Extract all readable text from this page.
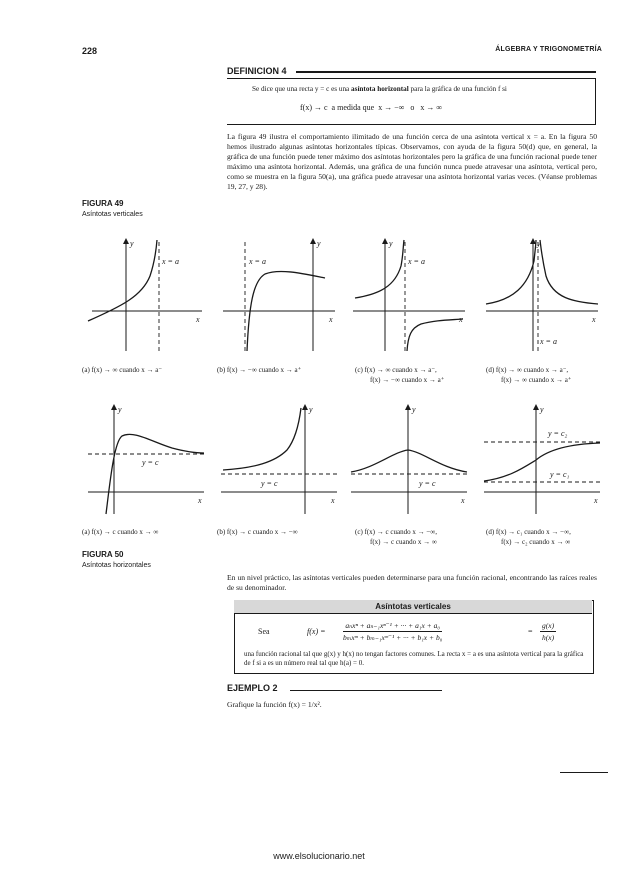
228	ÁLGEBRA Y TRIGONOMETRÍA
DEFINICION 4
Se dice que una recta y = c es una asíntota horizontal para la gráfica de una función f si
f(x) → c  a medida que  x → −∞   o   x → ∞
La figura 49 ilustra el comportamiento ilimitado de una función cerca de una asíntota vertical x = a. En la figura 50 hemos ilustrado algunas asíntotas horizontales típicas. Observamos, con ayuda de la figura 50(d) que, en general, la gráfica de una función puede tener máximo dos asíntotas horizontales pero la gráfica de una función racional puede tener máximo una asíntota horizontal. Además, una gráfica de una función nunca puede atravesar una asíntota, vertical pero, como se muestra en la figura 50(a), una gráfica puede atravesar una asíntota horizontal varias veces. (Véanse problemas 19, 27, y 28).
FIGURA 49
Asíntotas verticales
y
x
x = a
y
x
x = a
y
x
x = a
y
x
x = a
(a) f(x) → ∞ cuando x → a⁻	(b) f(x) → −∞ cuando x → a⁺	(c) f(x) → ∞ cuando x → a⁻,
f(x) → −∞ cuando x → a⁺
(d) f(x) → ∞ cuando x → a⁻,
f(x) → ∞ cuando x → a⁺
y
x
y = c
y
x
y = c
y
x
y = c
y
x
y = c₂
y = c₁
(a) f(x) → c cuando x → ∞	(b) f(x) → c cuando x → −∞	(c) f(x) → c cuando x → −∞,
f(x) → c cuando x → ∞
(d) f(x) → c₁ cuando x → −∞,
f(x) → c₂ cuando x → ∞
FIGURA 50
Asíntotas horizontales
En un nivel práctico, las asíntotas verticales pueden determinarse para una función racional, encontrando las raíces reales de su denominador.
Asíntotas verticales
Sea	f(x) =
aₙxⁿ + aₙ₋₁xⁿ⁻¹ + ··· + a₁x + a₀
bₘxᵐ + bₘ₋₁xᵐ⁻¹ + ··· + b₁x + b₀
= $\frac{g(x)}{h(x)}$
una función racional tal que g(x) y h(x) no tengan factores comunes. La recta x = a es una asíntota vertical para la gráfica de f si a es un número real tal que h(a) = 0.
EJEMPLO 2
Grafique la función f(x) = 1/x².
www.elsolucionario.net
